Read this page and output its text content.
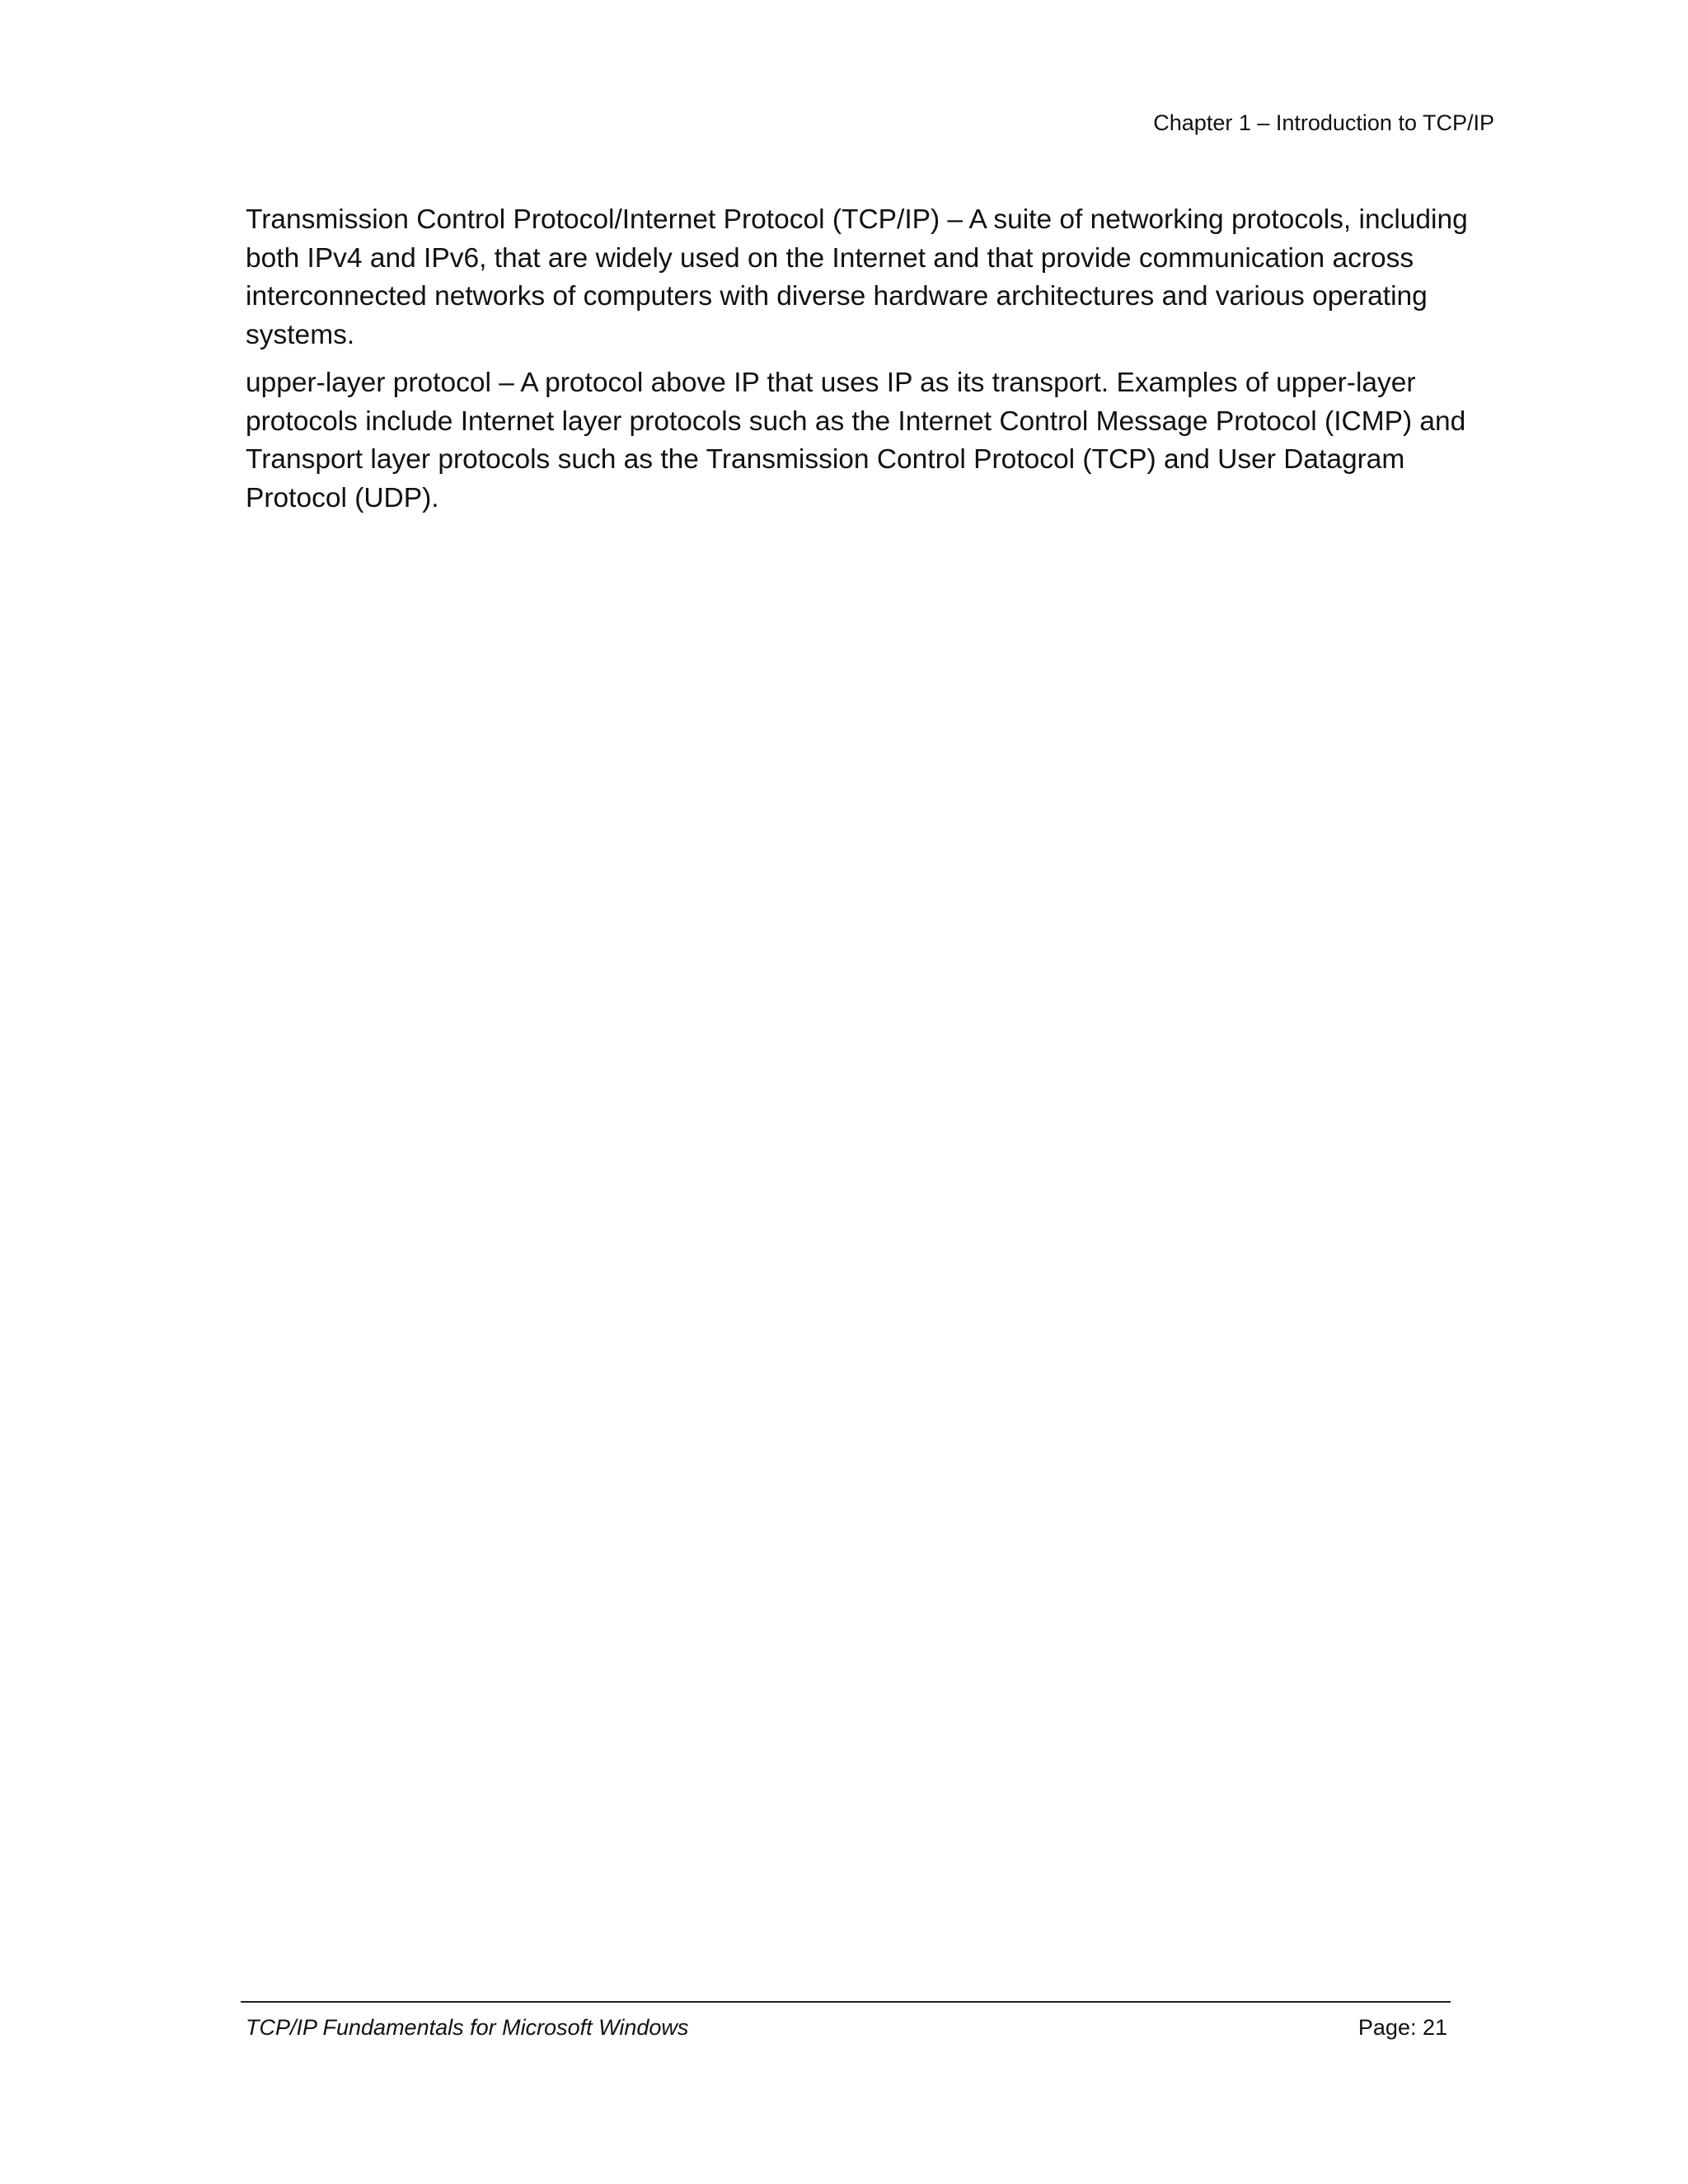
Chapter 1 – Introduction to TCP/IP

Transmission Control Protocol/Internet Protocol (TCP/IP) – A suite of networking protocols, including both IPv4 and IPv6, that are widely used on the Internet and that provide communication across interconnected networks of computers with diverse hardware architectures and various operating systems.

upper-layer protocol – A protocol above IP that uses IP as its transport. Examples of upper-layer protocols include Internet layer protocols such as the Internet Control Message Protocol (ICMP) and Transport layer protocols such as the Transmission Control Protocol (TCP) and User Datagram Protocol (UDP).

TCP/IP Fundamentals for Microsoft Windows	Page: 21
